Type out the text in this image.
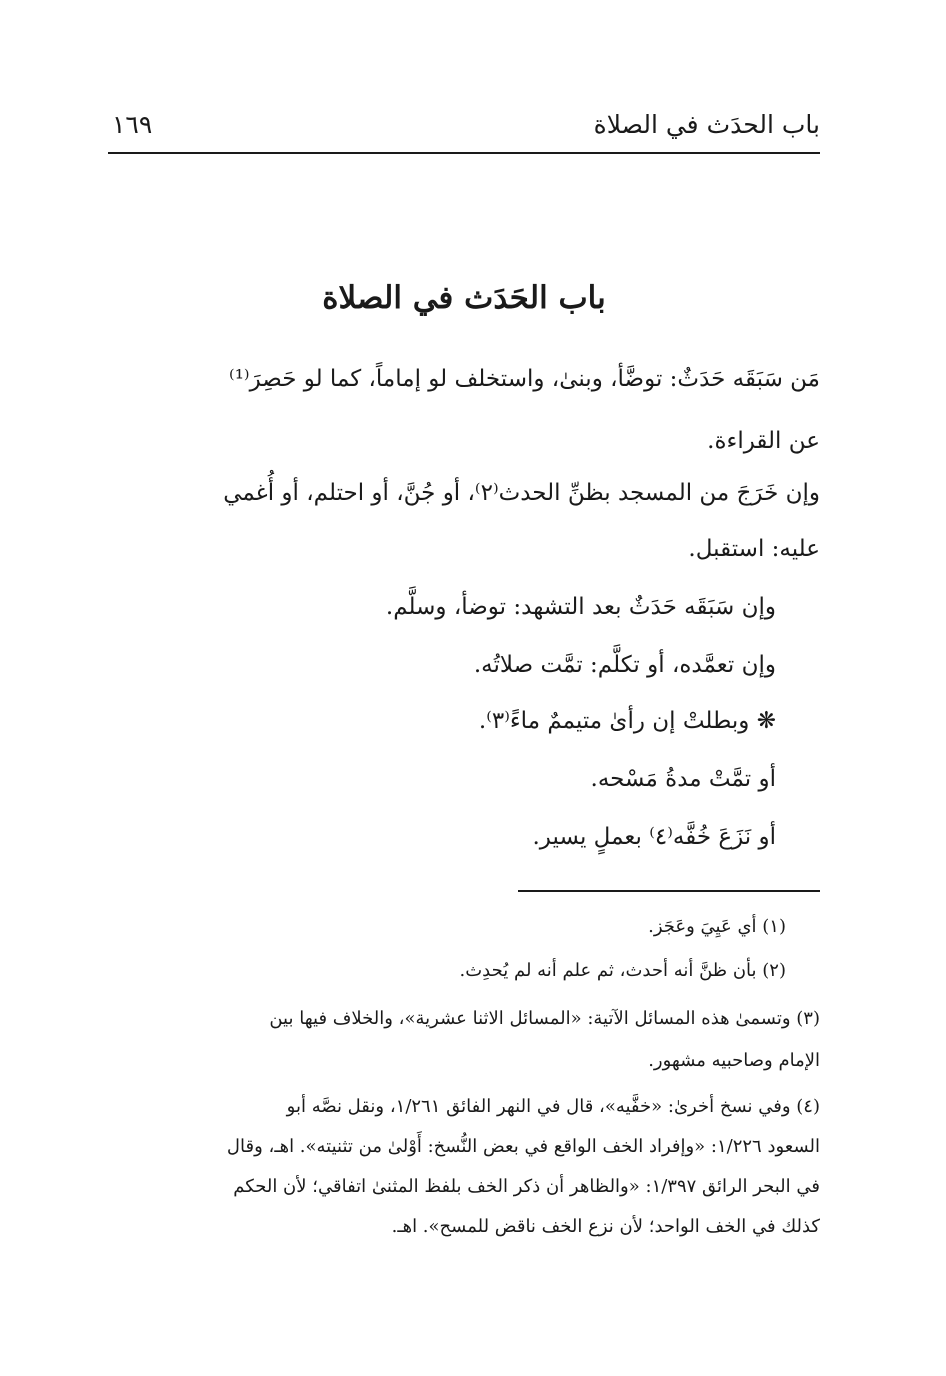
باب الحدَث في الصلاة
١٦٩
باب الحَدَث في الصلاة
مَن سَبَقَه حَدَثٌ: توضَّأ، وبنىٰ، واستخلف لو إماماً، كما لو حَصِرَ⁽¹⁾
عن القراءة.
وإن خَرَجَ من المسجد بظنِّ الحدث⁽٢⁾، أو جُنَّ، أو احتلم، أو أُغمي
عليه: استقبل.
وإن سَبَقَه حَدَثٌ بعد التشهد: توضأ، وسلَّم.
وإن تعمَّده، أو تكلَّم: تمَّت صلاتُه.
❋ وبطلتْ إن رأىٰ متيممٌ ماءً⁽٣⁾.
أو تمَّتْ مدةُ مَسْحه.
أو نَزَعَ خُفَّه⁽٤⁾ بعملٍ يسير.
(١) أي عَيِيَ وعَجَز.
(٢) بأن ظنَّ أنه أحدث، ثم علم أنه لم يُحدِث.
(٣) وتسمىٰ هذه المسائل الآتية: «المسائل الاثنا عشرية»، والخلاف فيها بين
الإمام وصاحبيه مشهور.
(٤) وفي نسخ أخرىٰ: «خفَّيه»، قال في النهر الفائق ١/٢٦١، ونقل نصَّه أبو
السعود ١/٢٢٦: «وإفراد الخف الواقع في بعض النُّسخ: أَوْلىٰ من تثنيته». اهـ، وقال
في البحر الرائق ١/٣٩٧: «والظاهر أن ذكر الخف بلفظ المثنىٰ اتفاقي؛ لأن الحكم
كذلك في الخف الواحد؛ لأن نزع الخف ناقض للمسح». اهـ.
